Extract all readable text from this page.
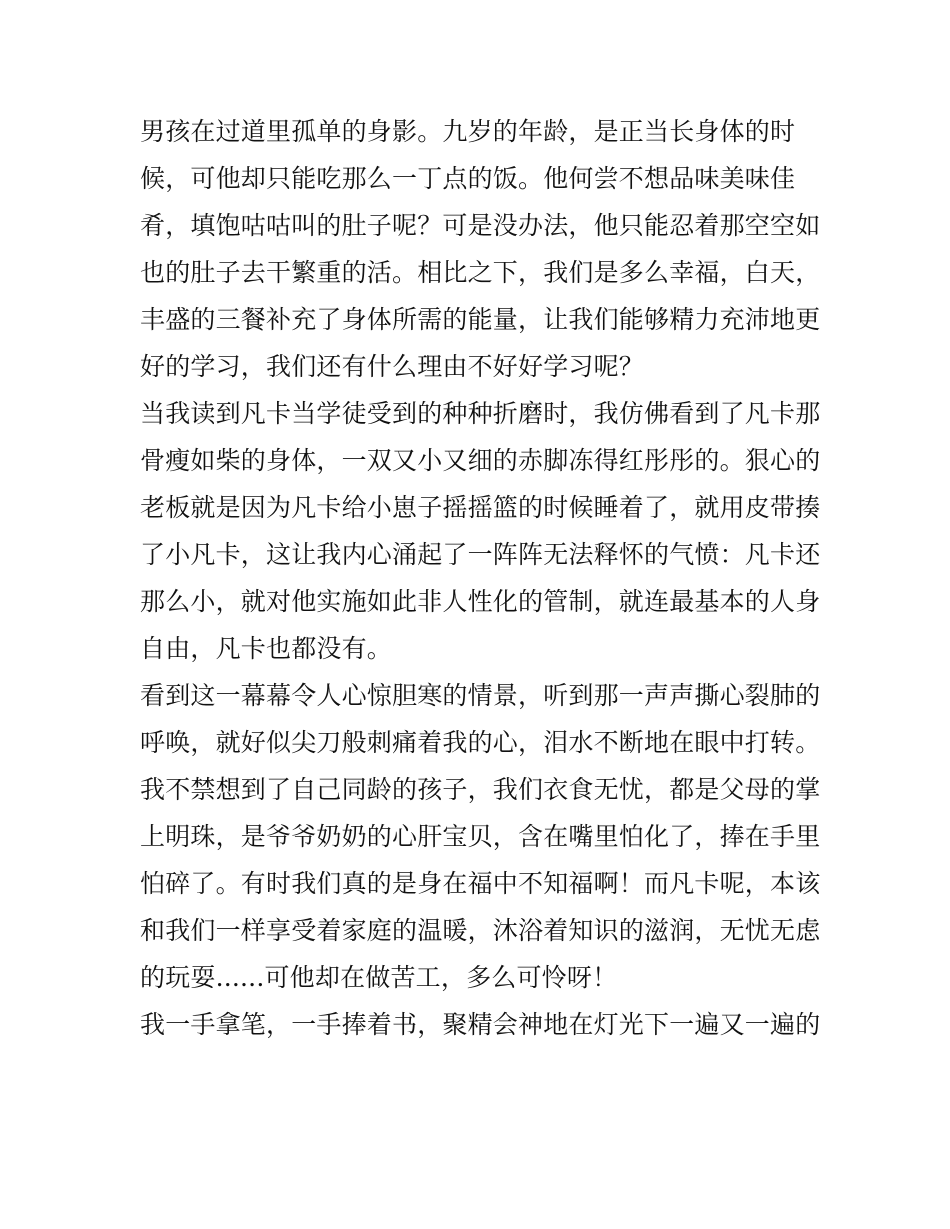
男孩在过道里孤单的身影。九岁的年龄，是正当长身体的时
候，可他却只能吃那么一丁点的饭。他何尝不想品味美味佳
肴，填饱咕咕叫的肚子呢？可是没办法，他只能忍着那空空如
也的肚子去干繁重的活。相比之下，我们是多么幸福，白天，
丰盛的三餐补充了身体所需的能量，让我们能够精力充沛地更
好的学习，我们还有什么理由不好好学习呢？
当我读到凡卡当学徒受到的种种折磨时，我仿佛看到了凡卡那
骨瘦如柴的身体，一双又小又细的赤脚冻得红彤彤的。狠心的
老板就是因为凡卡给小崽子摇摇篮的时候睡着了，就用皮带揍
了小凡卡，这让我内心涌起了一阵阵无法释怀的气愤：凡卡还
那么小，就对他实施如此非人性化的管制，就连最基本的人身
自由，凡卡也都没有。
看到这一幕幕令人心惊胆寒的情景，听到那一声声撕心裂肺的
呼唤，就好似尖刀般刺痛着我的心，泪水不断地在眼中打转。
我不禁想到了自己同龄的孩子，我们衣食无忧，都是父母的掌
上明珠，是爷爷奶奶的心肝宝贝，含在嘴里怕化了，捧在手里
怕碎了。有时我们真的是身在福中不知福啊！而凡卡呢，本该
和我们一样享受着家庭的温暖，沐浴着知识的滋润，无忧无虑
的玩耍......可他却在做苦工，多么可怜呀！
我一手拿笔，一手捧着书，聚精会神地在灯光下一遍又一遍的
